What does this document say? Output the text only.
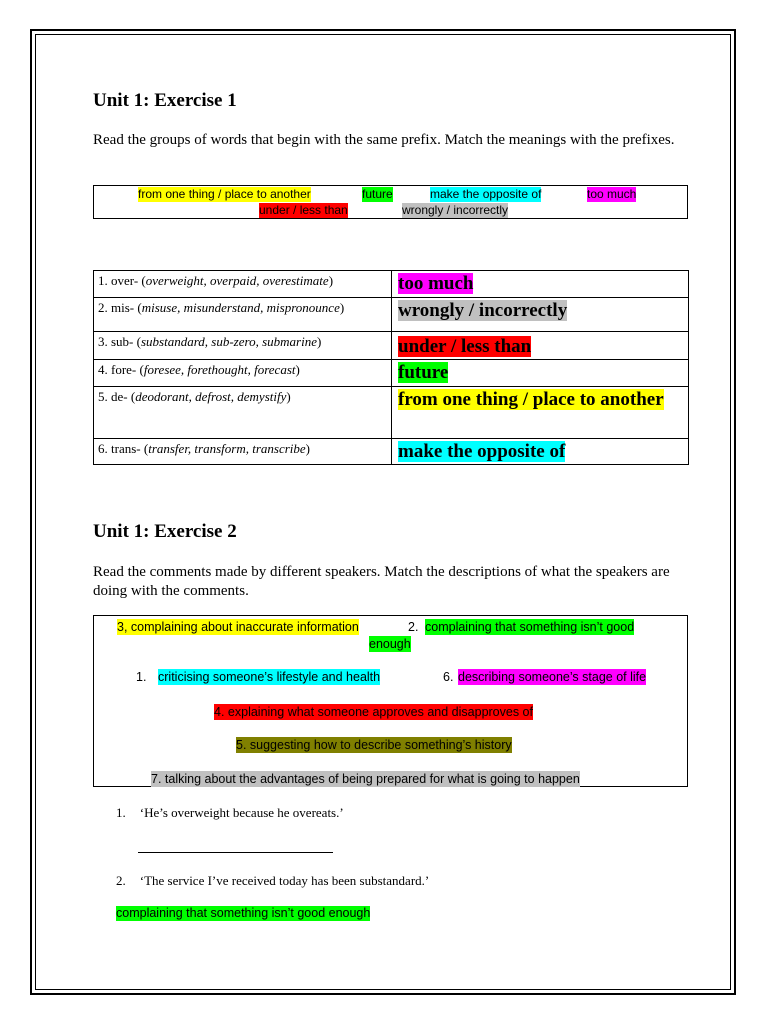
Unit 1: Exercise 1

Read the groups of words that begin with the same prefix. Match the meanings with the prefixes.

from one thing / place to another	future	make the opposite of	too much
under / less than	wrongly / incorrectly
1. over- (overweight, overpaid, overestimate)	too much
2. mis- (misuse, misunderstand, mispronounce)	wrongly / incorrectly
3. sub- (substandard, sub-zero, submarine)	under / less than
4. fore- (foresee, forethought, forecast)	future
5. de- (deodorant, defrost, demystify)	from one thing / place to another
6. trans- (transfer, transform, transcribe)	make the opposite of
Unit 1: Exercise 2

Read the comments made by different speakers. Match the descriptions of what the speakers are doing with the comments.

3, complaining about inaccurate information	2. complaining that something isn’t good
enough
1. criticising someone’s lifestyle and health	6. describing someone’s stage of life
4. explaining what someone approves and disapproves of
5. suggesting how to describe something’s history
7. talking about the advantages of being prepared for what is going to happen
1. ‘He’s overweight because he overeats.’
2. ‘The service I’ve received today has been substandard.’
complaining that something isn’t good enough
